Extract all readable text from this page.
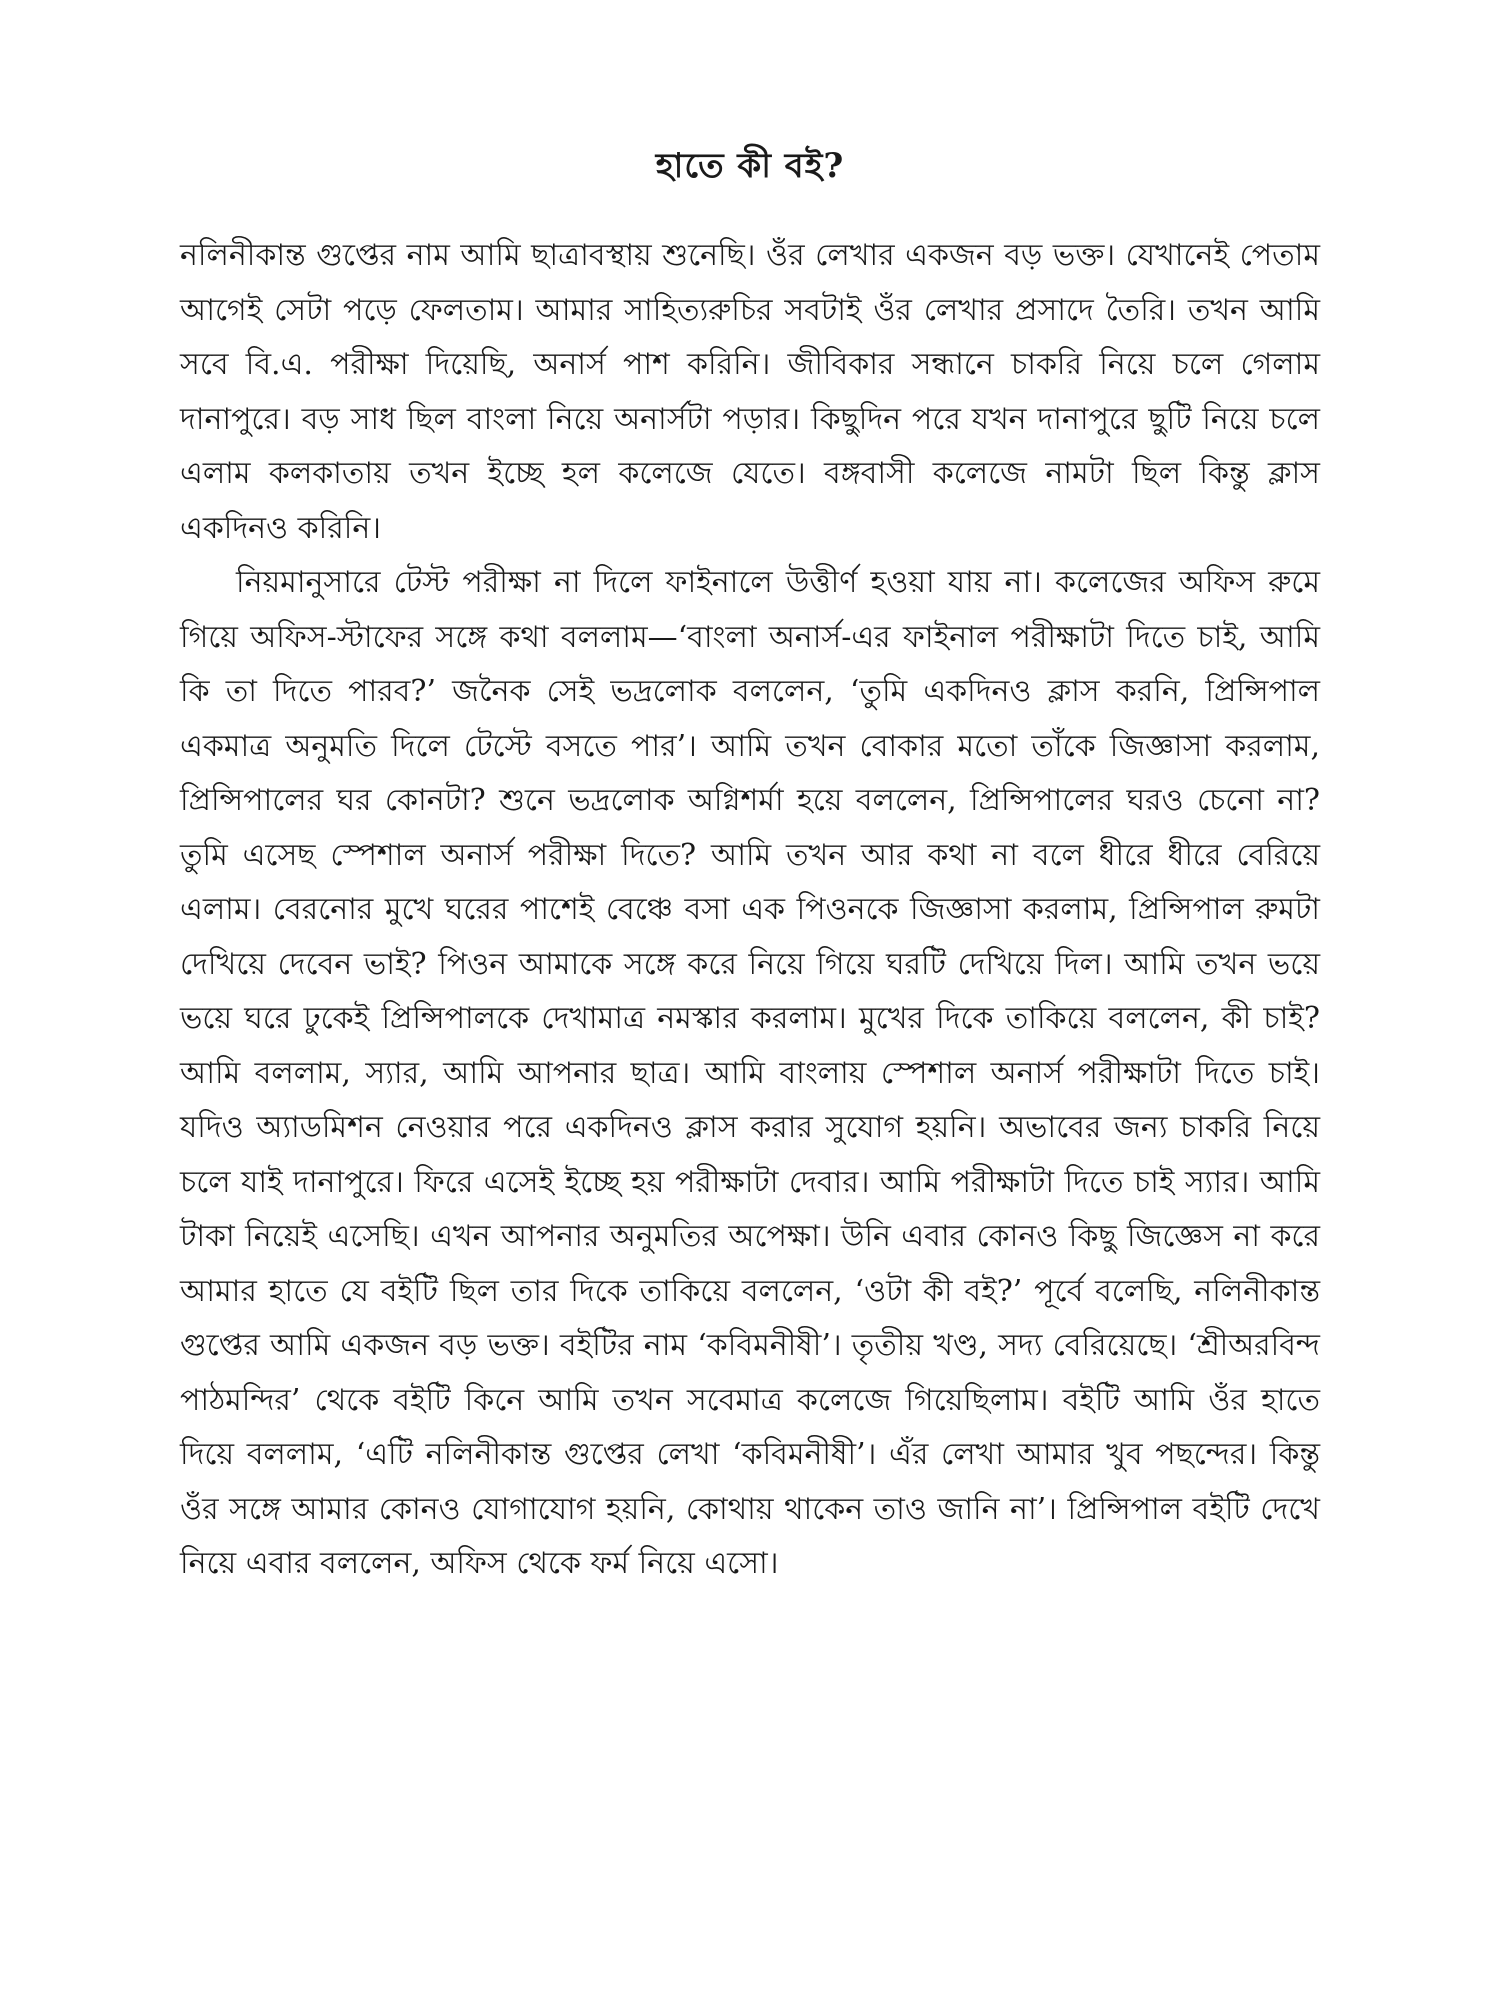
হাতে কী বই?

নলিনীকান্ত গুপ্তের নাম আমি ছাত্রাবস্থায় শুনেছি। ওঁর লেখার একজন বড় ভক্ত। যেখানেই পেতাম আগেই সেটা পড়ে ফেলতাম। আমার সাহিত্যরুচির সবটাই ওঁর লেখার প্রসাদে তৈরি। তখন আমি সবে বি.এ. পরীক্ষা দিয়েছি, অনার্স পাশ করিনি। জীবিকার সন্ধানে চাকরি নিয়ে চলে গেলাম দানাপুরে। বড় সাধ ছিল বাংলা নিয়ে অনার্সটা পড়ার। কিছুদিন পরে যখন দানাপুরে ছুটি নিয়ে চলে এলাম কলকাতায় তখন ইচ্ছে হল কলেজে যেতে। বঙ্গবাসী কলেজে নামটা ছিল কিন্তু ক্লাস একদিনও করিনি।

নিয়মানুসারে টেস্ট পরীক্ষা না দিলে ফাইনালে উত্তীর্ণ হওয়া যায় না। কলেজের অফিস রুমে গিয়ে অফিস-স্টাফের সঙ্গে কথা বললাম—‘বাংলা অনার্স-এর ফাইনাল পরীক্ষাটা দিতে চাই, আমি কি তা দিতে পারব?’ জনৈক সেই ভদ্রলোক বললেন, ‘তুমি একদিনও ক্লাস করনি, প্রিন্সিপাল একমাত্র অনুমতি দিলে টেস্টে বসতে পার’। আমি তখন বোকার মতো তাঁকে জিজ্ঞাসা করলাম, প্রিন্সিপালের ঘর কোনটা? শুনে ভদ্রলোক অগ্নিশর্মা হয়ে বললেন, প্রিন্সিপালের ঘরও চেনো না? তুমি এসেছ স্পেশাল অনার্স পরীক্ষা দিতে? আমি তখন আর কথা না বলে ধীরে ধীরে বেরিয়ে এলাম। বেরনোর মুখে ঘরের পাশেই বেঞ্চে বসা এক পিওনকে জিজ্ঞাসা করলাম, প্রিন্সিপাল রুমটা দেখিয়ে দেবেন ভাই? পিওন আমাকে সঙ্গে করে নিয়ে গিয়ে ঘরটি দেখিয়ে দিল। আমি তখন ভয়ে ভয়ে ঘরে ঢুকেই প্রিন্সিপালকে দেখামাত্র নমস্কার করলাম। মুখের দিকে তাকিয়ে বললেন, কী চাই? আমি বললাম, স্যার, আমি আপনার ছাত্র। আমি বাংলায় স্পেশাল অনার্স পরীক্ষাটা দিতে চাই। যদিও অ্যাডমিশন নেওয়ার পরে একদিনও ক্লাস করার সুযোগ হয়নি। অভাবের জন্য চাকরি নিয়ে চলে যাই দানাপুরে। ফিরে এসেই ইচ্ছে হয় পরীক্ষাটা দেবার। আমি পরীক্ষাটা দিতে চাই স্যার। আমি টাকা নিয়েই এসেছি। এখন আপনার অনুমতির অপেক্ষা। উনি এবার কোনও কিছু জিজ্ঞেস না করে আমার হাতে যে বইটি ছিল তার দিকে তাকিয়ে বললেন, ‘ওটা কী বই?’ পূর্বে বলেছি, নলিনীকান্ত গুপ্তের আমি একজন বড় ভক্ত। বইটির নাম ‘কবিমনীষী’। তৃতীয় খণ্ড, সদ্য বেরিয়েছে। ‘শ্রীঅরবিন্দ পাঠমন্দির’ থেকে বইটি কিনে আমি তখন সবেমাত্র কলেজে গিয়েছিলাম। বইটি আমি ওঁর হাতে দিয়ে বললাম, ‘এটি নলিনীকান্ত গুপ্তের লেখা ‘কবিমনীষী’। এঁর লেখা আমার খুব পছন্দের। কিন্তু ওঁর সঙ্গে আমার কোনও যোগাযোগ হয়নি, কোথায় থাকেন তাও জানি না’। প্রিন্সিপাল বইটি দেখে নিয়ে এবার বললেন, অফিস থেকে ফর্ম নিয়ে এসো।
